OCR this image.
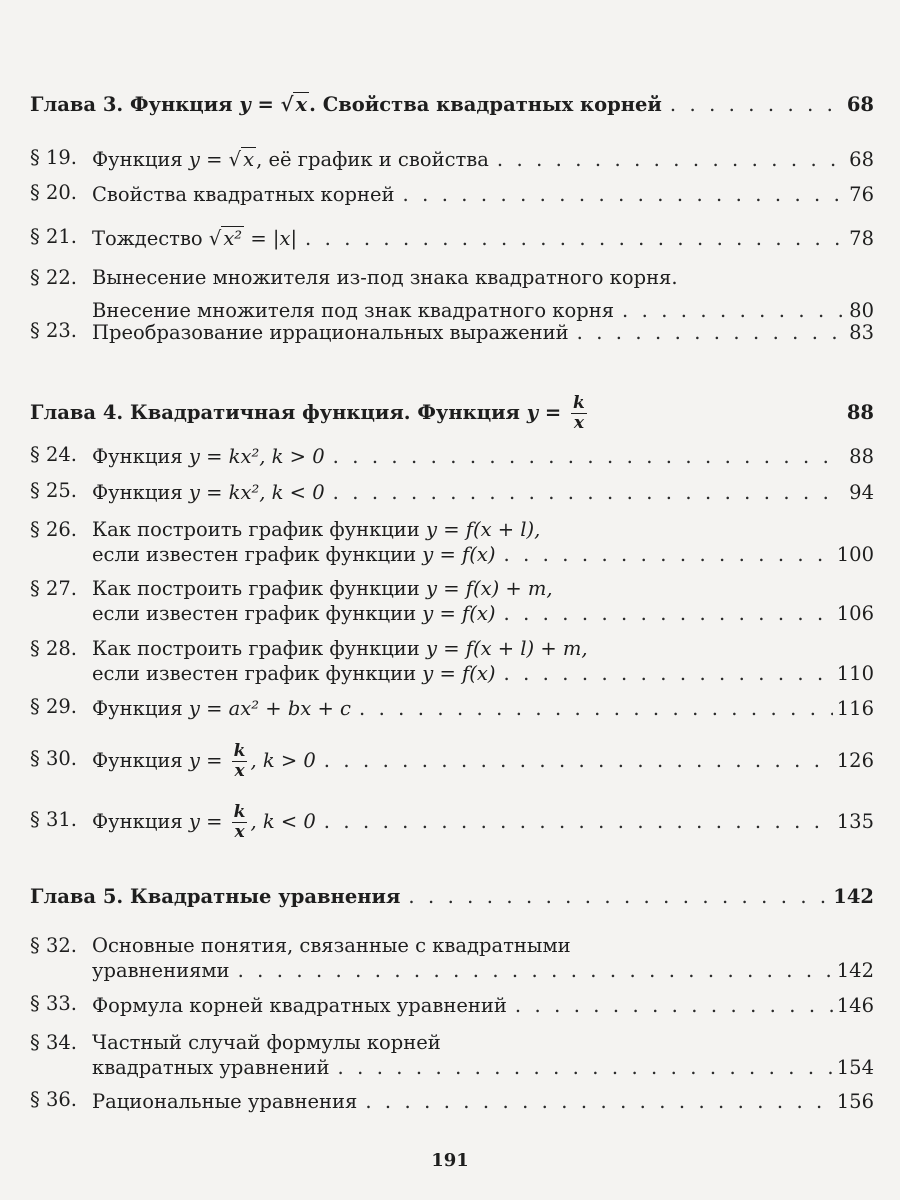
Глава 3. Функция y = √ x . Свойства квадратных корней . . .	68
§ 19. Функция y = √ x , её график и свойства . . .	68
§ 20. Свойства квадратных корней . . .	76
§ 21. Тождество √ x² = |x| . . .	78
§ 22. Вынесение множителя из-под знака квадратного корня.
Внесение множителя под знак квадратного корня . . .	80
§ 23. Преобразование иррациональных выражений . . .	83
Глава 4. Квадратичная функция. Функция $y = \frac{k}{x}$	88
§ 24. Функция y = kx², k > 0 . . .	88
§ 25. Функция y = kx², k < 0 . . .	94
§ 26. Как построить график функции y = f(x + l),
если известен график функции y = f(x) . . .	100
§ 27. Как построить график функции y = f(x) + m,
если известен график функции y = f(x) . . .	106
§ 28. Как построить график функции y = f(x + l) + m,
если известен график функции y = f(x) . . .	110
§ 29. Функция y = ax² + bx + c . . .	116
§ 30. Функция $y = \frac{k}{x}$ , k > 0 . . .	126
§ 31. Функция $y = \frac{k}{x}$ , k < 0 . . .	135
Глава 5. Квадратные уравнения . . .	142
§ 32. Основные понятия, связанные с квадратными
уравнениями . . .	142
§ 33. Формула корней квадратных уравнений . . .	146
§ 34. Частный случай формулы корней
квадратных уравнений . . .	154
§ 36. Рациональные уравнения . . .	156
191
